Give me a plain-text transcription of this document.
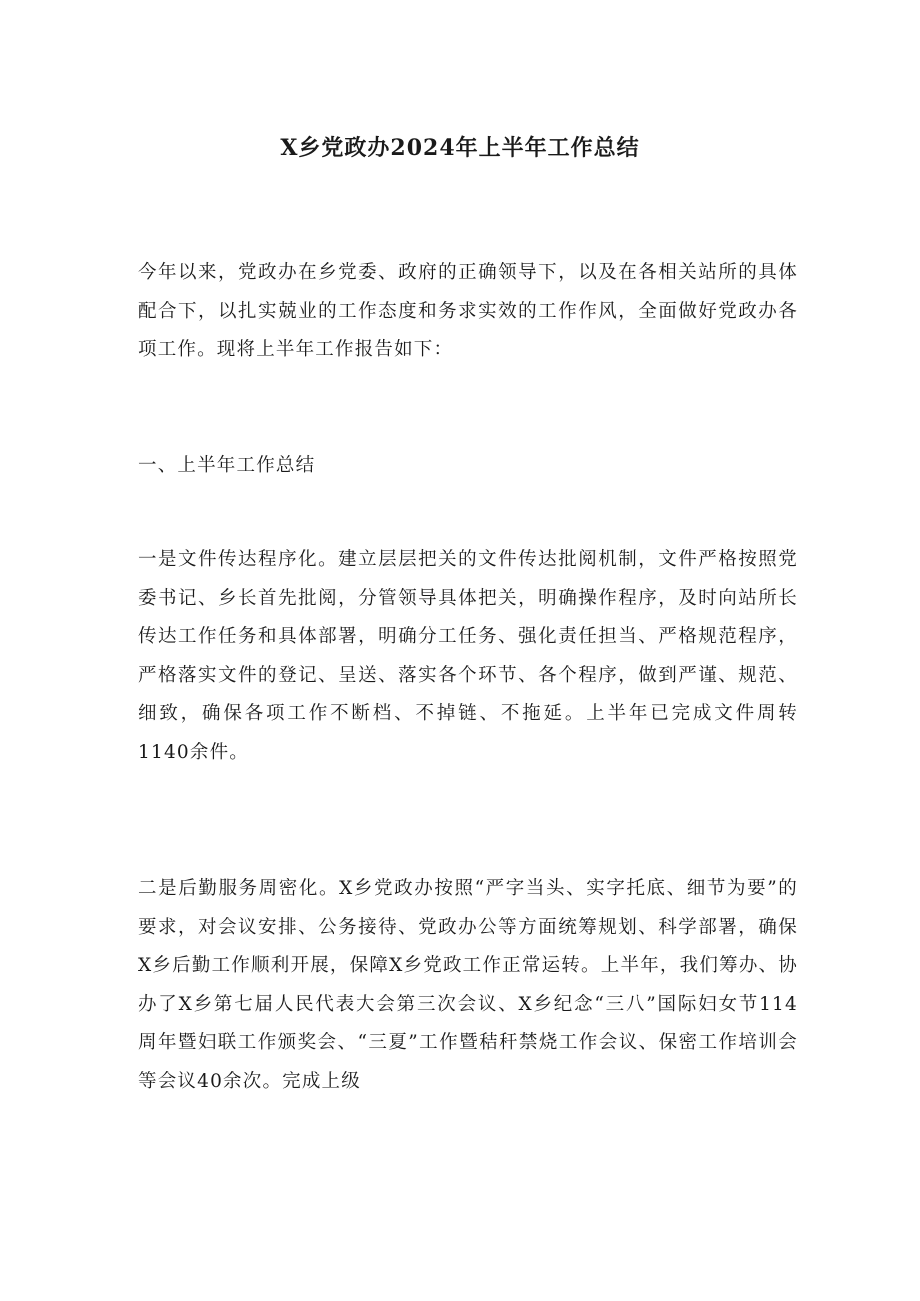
X乡党政办2024年上半年工作总结

今年以来，党政办在乡党委、政府的正确领导下，以及在各相关站所的具体配合下，以扎实兢业的工作态度和务求实效的工作作风，全面做好党政办各项工作。现将上半年工作报告如下：

一、上半年工作总结

一是文件传达程序化。建立层层把关的文件传达批阅机制，文件严格按照党委书记、乡长首先批阅，分管领导具体把关，明确操作程序，及时向站所长传达工作任务和具体部署，明确分工任务、强化责任担当、严格规范程序，严格落实文件的登记、呈送、落实各个环节、各个程序，做到严谨、规范、细致，确保各项工作不断档、不掉链、不拖延。上半年已完成文件周转1140余件。

二是后勤服务周密化。X乡党政办按照“严字当头、实字托底、细节为要”的要求，对会议安排、公务接待、党政办公等方面统筹规划、科学部署，确保X乡后勤工作顺利开展，保障X乡党政工作正常运转。上半年，我们筹办、协办了X乡第七届人民代表大会第三次会议、X乡纪念“三八”国际妇女节114周年暨妇联工作颁奖会、“三夏”工作暨秸秆禁烧工作会议、保密工作培训会等会议40余次。完成上级
